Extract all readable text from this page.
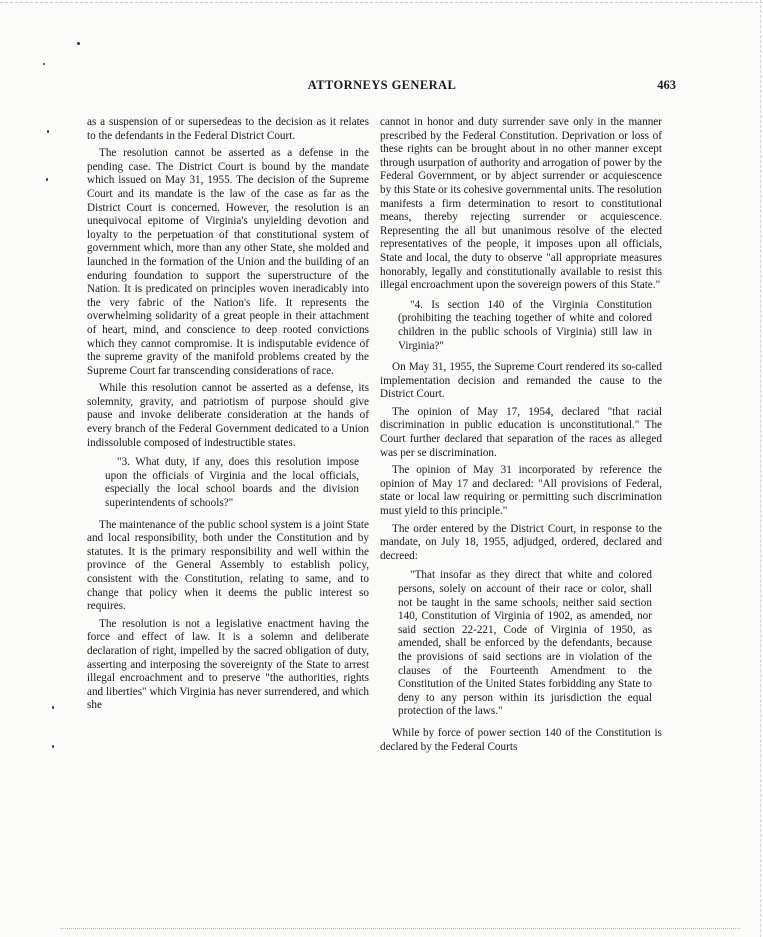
ATTORNEYS GENERAL	463

as a suspension of or supersedeas to the decision as it relates to the defendants in the Federal District Court.

The resolution cannot be asserted as a defense in the pending case. The District Court is bound by the mandate which issued on May 31, 1955. The decision of the Supreme Court and its mandate is the law of the case as far as the District Court is concerned. However, the resolution is an unequivocal epitome of Virginia's unyielding devotion and loyalty to the perpetuation of that constitutional system of government which, more than any other State, she molded and launched in the formation of the Union and the building of an enduring foundation to support the superstructure of the Nation. It is predicated on principles woven ineradicably into the very fabric of the Nation's life. It represents the overwhelming solidarity of a great people in their attachment of heart, mind, and conscience to deep rooted convictions which they cannot compromise. It is indisputable evidence of the supreme gravity of the manifold problems created by the Supreme Court far transcending considerations of race.

While this resolution cannot be asserted as a defense, its solemnity, gravity, and patriotism of purpose should give pause and invoke deliberate consideration at the hands of every branch of the Federal Government dedicated to a Union indissoluble composed of indestructible states.

"3. What duty, if any, does this resolution impose upon the officials of Virginia and the local officials, especially the local school boards and the division superintendents of schools?"

The maintenance of the public school system is a joint State and local responsibility, both under the Constitution and by statutes. It is the primary responsibility and well within the province of the General Assembly to establish policy, consistent with the Constitution, relating to same, and to change that policy when it deems the public interest so requires.

The resolution is not a legislative enactment having the force and effect of law. It is a solemn and deliberate declaration of right, impelled by the sacred obligation of duty, asserting and interposing the sovereignty of the State to arrest illegal encroachment and to preserve "the authorities, rights and liberties" which Virginia has never surrendered, and which she

cannot in honor and duty surrender save only in the manner prescribed by the Federal Constitution. Deprivation or loss of these rights can be brought about in no other manner except through usurpation of authority and arrogation of power by the Federal Government, or by abject surrender or acquiescence by this State or its cohesive governmental units. The resolution manifests a firm determination to resort to constitutional means, thereby rejecting surrender or acquiescence. Representing the all but unanimous resolve of the elected representatives of the people, it imposes upon all officials, State and local, the duty to observe "all appropriate measures honorably, legally and constitutionally available to resist this illegal encroachment upon the sovereign powers of this State."

"4. Is section 140 of the Virginia Constitution (prohibiting the teaching together of white and colored children in the public schools of Virginia) still law in Virginia?"

On May 31, 1955, the Supreme Court rendered its so-called implementation decision and remanded the cause to the District Court.

The opinion of May 17, 1954, declared "that racial discrimination in public education is unconstitutional." The Court further declared that separation of the races as alleged was per se discrimination.

The opinion of May 31 incorporated by reference the opinion of May 17 and declared: "All provisions of Federal, state or local law requiring or permitting such discrimination must yield to this principle."

The order entered by the District Court, in response to the mandate, on July 18, 1955, adjudged, ordered, declared and decreed:

"That insofar as they direct that white and colored persons, solely on account of their race or color, shall not be taught in the same schools, neither said section 140, Constitution of Virginia of 1902, as amended, nor said section 22-221, Code of Virginia of 1950, as amended, shall be enforced by the defendants, because the provisions of said sections are in violation of the clauses of the Fourteenth Amendment to the Constitution of the United States forbidding any State to deny to any person within its jurisdiction the equal protection of the laws."

While by force of power section 140 of the Constitution is declared by the Federal Courts
